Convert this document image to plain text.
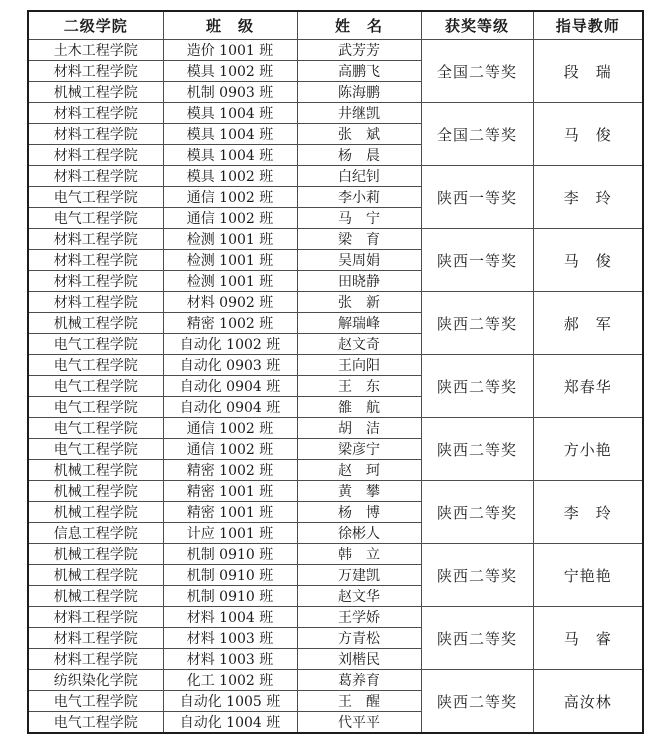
二级学院	班　级	姓　名	获奖等级	指导教师
土木工程学院	造价 1001 班	武芳芳	全国二等奖	段　瑞
材料工程学院	模具 1002 班	高鹏飞		
机械工程学院	机制 0903 班	陈海鹏		
材料工程学院	模具 1004 班	井继凯	全国二等奖	马　俊
材料工程学院	模具 1004 班	张　斌		
材料工程学院	模具 1004 班	杨　晨		
材料工程学院	模具 1002 班	白纪钊	陕西一等奖	李　玲
电气工程学院	通信 1002 班	李小莉		
电气工程学院	通信 1002 班	马　宁		
材料工程学院	检测 1001 班	梁　育	陕西一等奖	马　俊
材料工程学院	检测 1001 班	吴周娟		
材料工程学院	检测 1001 班	田晓静		
材料工程学院	材料 0902 班	张　新	陕西二等奖	郝　军
机械工程学院	精密 1002 班	解瑞峰		
电气工程学院	自动化 1002 班	赵文奇		
电气工程学院	自动化 0903 班	王向阳	陕西二等奖	郑春华
电气工程学院	自动化 0904 班	王　东		
电气工程学院	自动化 0904 班	雒　航		
电气工程学院	通信 1002 班	胡　洁	陕西二等奖	方小艳
电气工程学院	通信 1002 班	梁彦宁		
机械工程学院	精密 1002 班	赵　珂		
机械工程学院	精密 1001 班	黄　攀	陕西二等奖	李　玲
机械工程学院	精密 1001 班	杨　博		
信息工程学院	计应 1001 班	徐彬人		
机械工程学院	机制 0910 班	韩　立	陕西二等奖	宁艳艳
机械工程学院	机制 0910 班	万建凯		
机械工程学院	机制 0910 班	赵文华		
材料工程学院	材料 1004 班	王学娇	陕西二等奖	马　睿
材料工程学院	材料 1003 班	方青松		
材料工程学院	材料 1003 班	刘楷民		
纺织染化学院	化工 1002 班	葛养育	陕西二等奖	高汝林
电气工程学院	自动化 1005 班	王　醒		
电气工程学院	自动化 1004 班	代平平		
